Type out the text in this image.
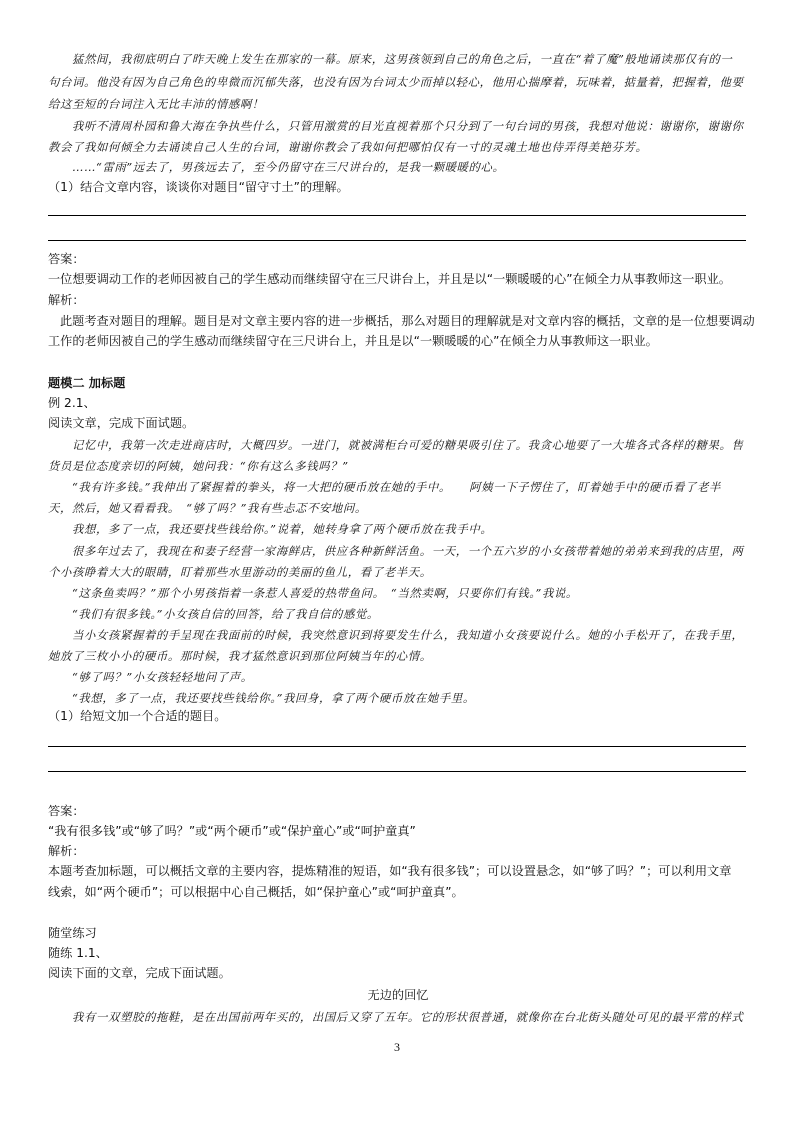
猛然间，我彻底明白了昨天晚上发生在那家的一幕。原来，这男孩领到自己的角色之后，一直在“着了魔”般地诵读那仅有的一
句台词。他没有因为自己角色的卑微而沉郁失落，也没有因为台词太少而掉以轻心，他用心揣摩着，玩味着，掂量着，把握着，他要
给这至短的台词注入无比丰沛的情感啊！
我听不清周朴园和鲁大海在争执些什么，只管用激赏的目光直视着那个只分到了一句台词的男孩，我想对他说：谢谢你，谢谢你
教会了我如何倾全力去诵读自己人生的台词，谢谢你教会了我如何把哪怕仅有一寸的灵魂土地也侍弄得美艳芬芳。
……“雷雨”远去了，男孩远去了，至今仍留守在三尺讲台的，是我一颗暖暖的心。
（1）结合文章内容，谈谈你对题目“留守寸土”的理解。
答案：
一位想要调动工作的老师因被自己的学生感动而继续留守在三尺讲台上，并且是以“一颗暖暖的心”在倾全力从事教师这一职业。
解析：
此题考查对题目的理解。题目是对文章主要内容的进一步概括，那么对题目的理解就是对文章内容的概括，文章的是一位想要调动
工作的老师因被自己的学生感动而继续留守在三尺讲台上，并且是以“一颗暖暖的心”在倾全力从事教师这一职业。
题模二 加标题
例 2.1、
阅读文章，完成下面试题。
记忆中，我第一次走进商店时，大概四岁。一进门，就被满柜台可爱的糖果吸引住了。我贪心地要了一大堆各式各样的糖果。售
货员是位态度亲切的阿姨，她问我：“你有这么多钱吗？”
“我有许多钱。”我伸出了紧握着的拳头，将一大把的硬币放在她的手中。　　阿姨一下子愣住了，盯着她手中的硬币看了老半
天，然后，她又看看我。　“够了吗？”我有些忐忑不安地问。
我想，多了一点，我还要找些钱给你。”说着，她转身拿了两个硬币放在我手中。
很多年过去了，我现在和妻子经营一家海鲜店，供应各种新鲜活鱼。一天，一个五六岁的小女孩带着她的弟弟来到我的店里，两
个小孩睁着大大的眼睛，盯着那些水里游动的美丽的鱼儿，看了老半天。
“这条鱼卖吗？”那个小男孩指着一条惹人喜爱的热带鱼问。　“当然卖啊，只要你们有钱。”我说。
“我们有很多钱。”小女孩自信的回答，给了我自信的感觉。
当小女孩紧握着的手呈现在我面前的时候，我突然意识到将要发生什么，我知道小女孩要说什么。她的小手松开了，在我手里，
她放了三枚小小的硬币。那时候，我才猛然意识到那位阿姨当年的心情。
“够了吗？”小女孩轻轻地问了声。
“我想，多了一点，我还要找些钱给你。”我回身，拿了两个硬币放在她手里。
（1）给短文加一个合适的题目。
答案：
“我有很多钱”或“够了吗？”或“两个硬币”或“保护童心”或“呵护童真”
解析：
本题考查加标题，可以概括文章的主要内容，提炼精准的短语，如“我有很多钱”；可以设置悬念，如“够了吗？”；可以利用文章
线索，如“两个硬币”；可以根据中心自己概括，如“保护童心”或“呵护童真”。
随堂练习
随练 1.1、
阅读下面的文章，完成下面试题。
无边的回忆
我有一双塑胶的拖鞋，是在出国前两年买的，出国后又穿了五年。它的形状很普通，就像你在台北街头随处可见的最平常的样式
3
